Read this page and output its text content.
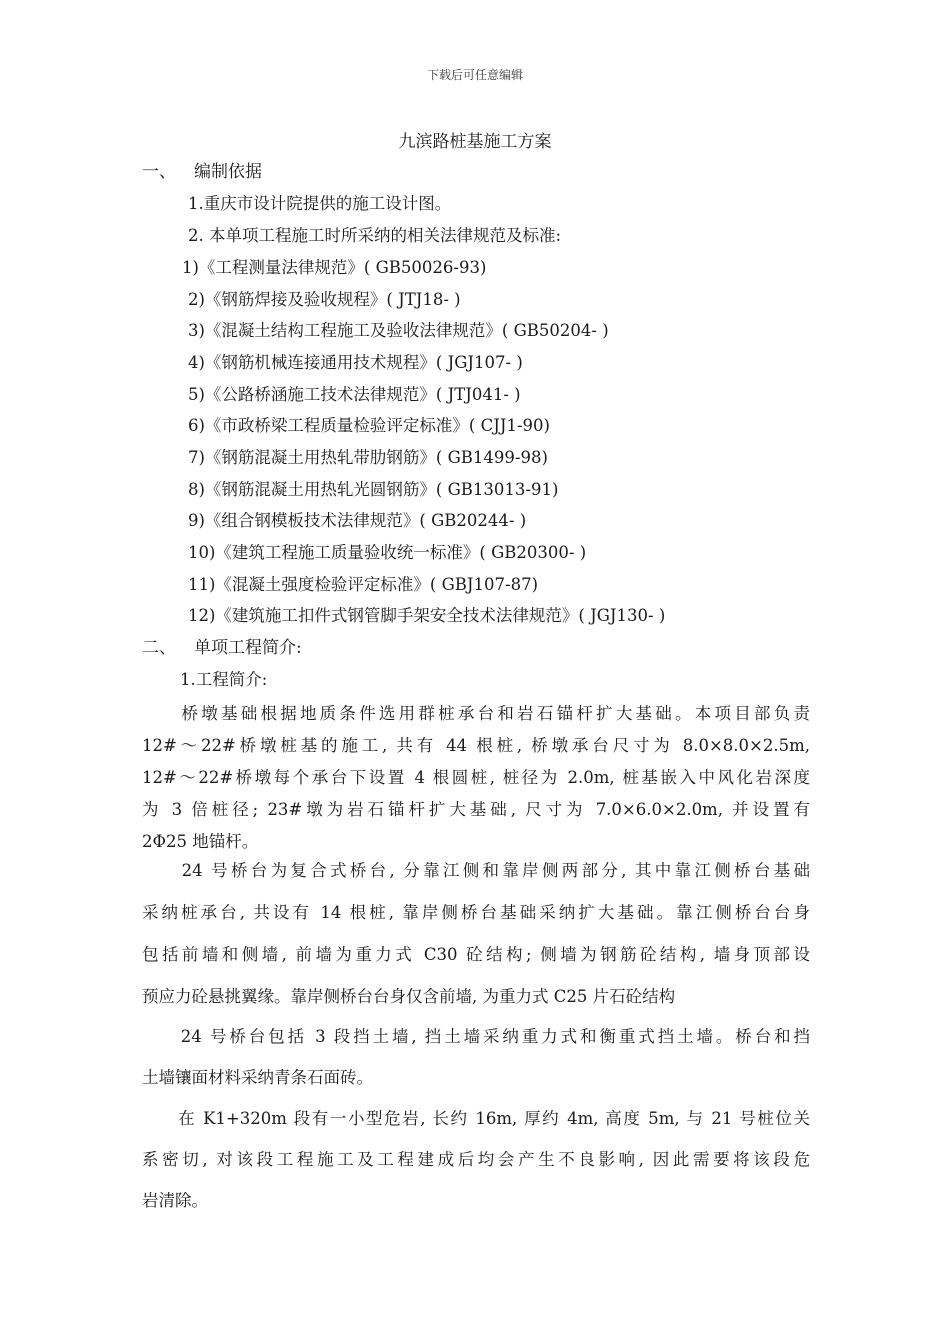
下载后可任意编辑
九滨路桩基施工方案
一、 编制依据
1.重庆市设计院提供的施工设计图。
2. 本单项工程施工时所采纳的相关法律规范及标准:
1)《工程测量法律规范》( GB50026-93)
2)《钢筋焊接及验收规程》( JTJ18- )
3)《混凝土结构工程施工及验收法律规范》( GB50204- )
4)《钢筋机械连接通用技术规程》( JGJ107- )
5)《公路桥涵施工技术法律规范》( JTJ041- )
6)《市政桥梁工程质量检验评定标准》( CJJ1-90)
7)《钢筋混凝土用热轧带肋钢筋》( GB1499-98)
8)《钢筋混凝土用热轧光圆钢筋》( GB13013-91)
9)《组合钢模板技术法律规范》( GB20244- )
10)《建筑工程施工质量验收统一标准》( GB20300- )
11)《混凝土强度检验评定标准》( GBJ107-87)
12)《建筑施工扣件式钢管脚手架安全技术法律规范》( JGJ130- )
二、 单项工程简介:
1.工程简介:
　　桥墩基础根据地质条件选用群桩承台和岩石锚杆扩大基础。本项目部负责
12#～22#桥墩桩基的施工, 共有 44 根桩, 桥墩承台尺寸为 8.0×8.0×2.5m,
12#～22#桥墩每个承台下设置 4 根圆桩, 桩径为 2.0m, 桩基嵌入中风化岩深度
为 3 倍桩径; 23#墩为岩石锚杆扩大基础, 尺寸为 7.0×6.0×2.0m, 并设置有
2Φ25 地锚杆。
　　24 号桥台为复合式桥台, 分靠江侧和靠岸侧两部分, 其中靠江侧桥台基础
采纳桩承台, 共设有 14 根桩, 靠岸侧桥台基础采纳扩大基础。靠江侧桥台台身
包括前墙和侧墙, 前墙为重力式 C30 砼结构; 侧墙为钢筋砼结构, 墙身顶部设
预应力砼悬挑翼缘。靠岸侧桥台台身仅含前墙, 为重力式 C25 片石砼结构
　　24 号桥台包括 3 段挡土墙, 挡土墙采纳重力式和衡重式挡土墙。桥台和挡
土墙镶面材料采纳青条石面砖。
　　在 K1+320m 段有一小型危岩, 长约 16m, 厚约 4m, 高度 5m, 与 21 号桩位关
系密切, 对该段工程施工及工程建成后均会产生不良影响, 因此需要将该段危
岩清除。
